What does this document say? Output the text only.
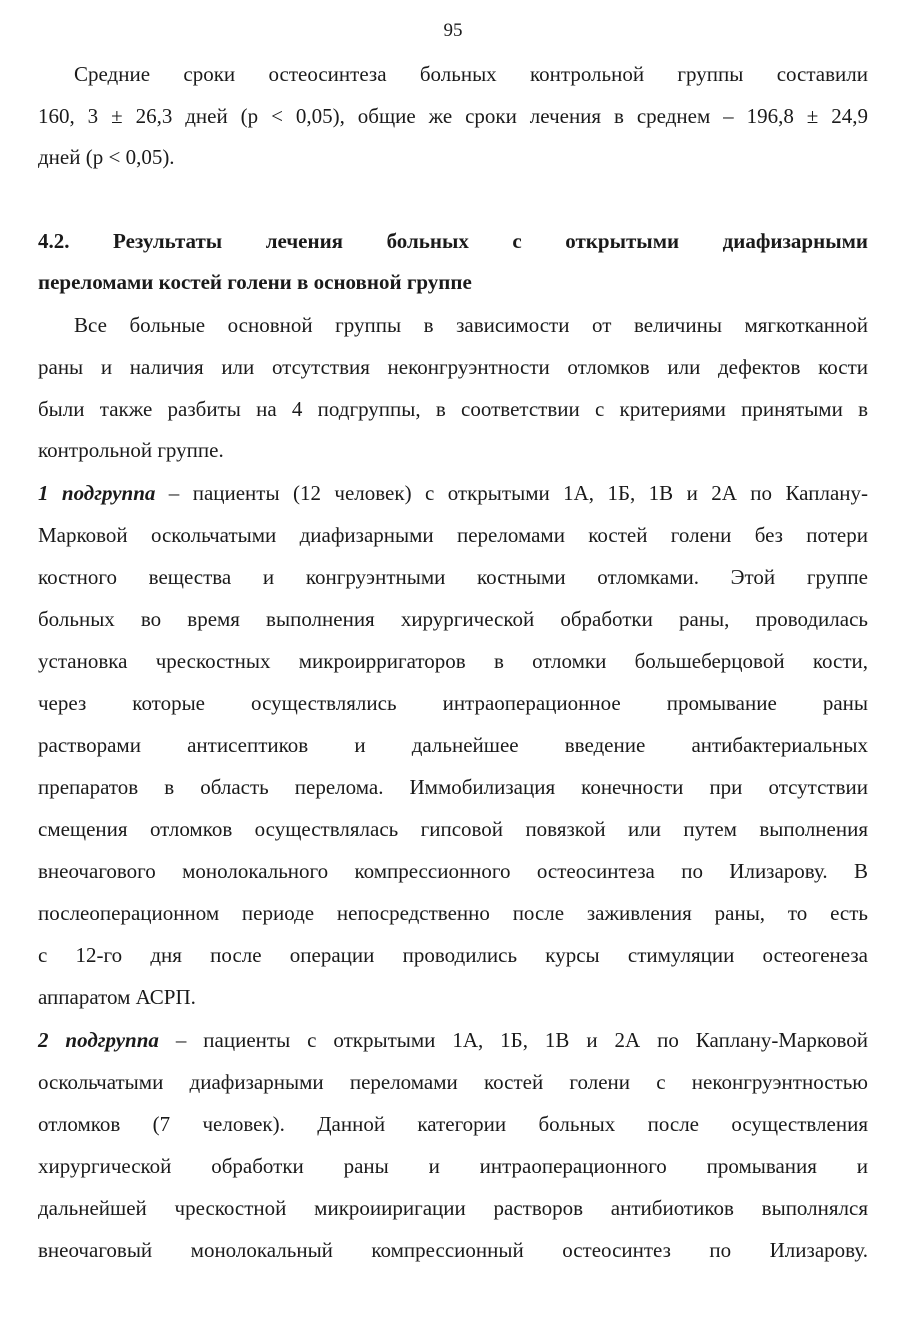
95

Средние сроки остеосинтеза больных контрольной группы составили

160, 3 ± 26,3 дней (р < 0,05), общие же сроки лечения в среднем – 196,8 ± 24,9

дней (р < 0,05).

4.2. Результаты лечения больных с открытыми диафизарными

переломами костей голени в основной группе

Все больные основной группы в зависимости от величины мягкотканной

раны и наличия или отсутствия неконгруэнтности отломков или дефектов кости

были также разбиты на 4 подгруппы, в соответствии с критериями принятыми в

контрольной группе.

1 подгруппа – пациенты (12 человек) с открытыми 1А, 1Б, 1В и 2А по Каплану-

Марковой оскольчатыми диафизарными переломами костей голени без потери

костного вещества и конгруэнтными костными отломками. Этой группе

больных во время выполнения хирургической обработки раны, проводилась

установка чрескостных микроирригаторов в отломки большеберцовой кости,

через которые осуществлялись интраоперационное промывание раны

растворами антисептиков и дальнейшее введение антибактериальных

препаратов в область перелома. Иммобилизация конечности при отсутствии

смещения отломков осуществлялась гипсовой повязкой или путем выполнения

внеочагового монолокального компрессионного остеосинтеза по Илизарову. В

послеоперационном периоде непосредственно после заживления раны, то есть

с 12-го дня после операции проводились курсы стимуляции остеогенеза

аппаратом АСРП.

2 подгруппа – пациенты с открытыми 1А, 1Б, 1В и 2А по Каплану-Марковой

оскольчатыми диафизарными переломами костей голени с неконгруэнтностью

отломков (7 человек). Данной категории больных после осуществления

хирургической обработки раны и интраоперационного промывания и

дальнейшей чрескостной микроииригации растворов антибиотиков выполнялся

внеочаговый монолокальный компрессионный остеосинтез по Илизарову.
